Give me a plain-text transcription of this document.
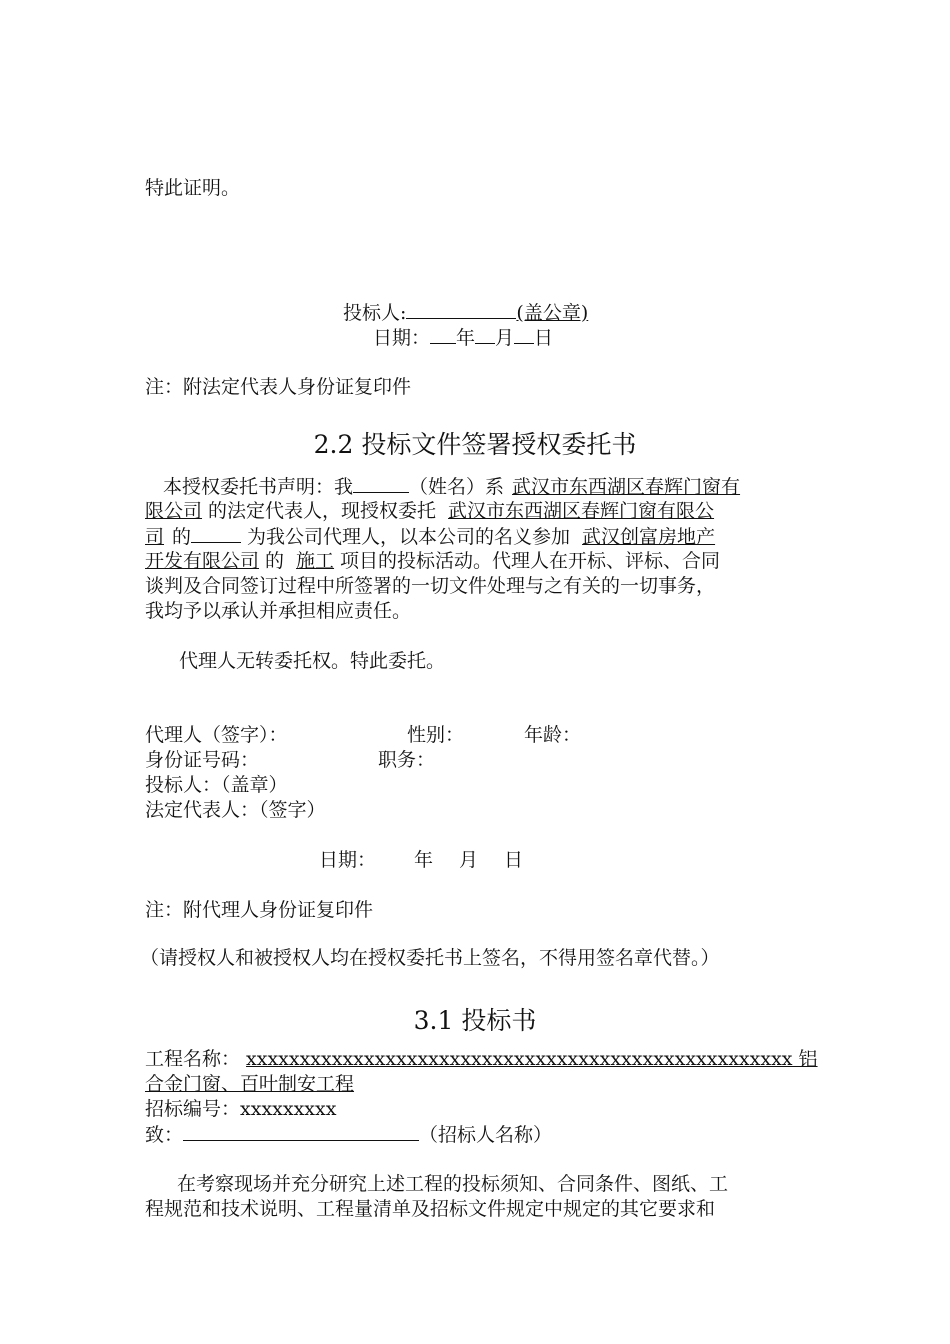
特此证明。
投标人:	(盖公章)
日期： 年 月 日
注：附法定代表人身份证复印件
2.2 投标文件签署授权委托书
本授权委托书声明：我	（姓名）系 武汉市东西湖区春辉门窗有
限公司 的法定代表人，现授权委托 武汉市东西湖区春辉门窗有限公
司 的	为我公司代理人，以本公司的名义参加 武汉创富房地产
开发有限公司 的 施工 项目的投标活动。代理人在开标、评标、合同
谈判及合同签订过程中所签署的一切文件处理与之有关的一切事务，
我均予以承认并承担相应责任。
代理人无转委托权。特此委托。
代理人（签字）：	性别：	年龄：
身份证号码：	职务：
投标人：（盖章）
法定代表人：（签字）
日期： 年 月 日
注：附代理人身份证复印件
（请授权人和被授权人均在授权委托书上签名，不得用签名章代替。）
3.1 投标书
工程名称： xxxxxxxxxxxxxxxxxxxxxxxxxxxxxxxxxxxxxxxxxxxxxxxxxxx 铝
合金门窗、百叶制安工程
招标编号：xxxxxxxxx
致：	（招标人名称）
在考察现场并充分研究上述工程的投标须知、合同条件、图纸、工
程规范和技术说明、工程量清单及招标文件规定中规定的其它要求和
